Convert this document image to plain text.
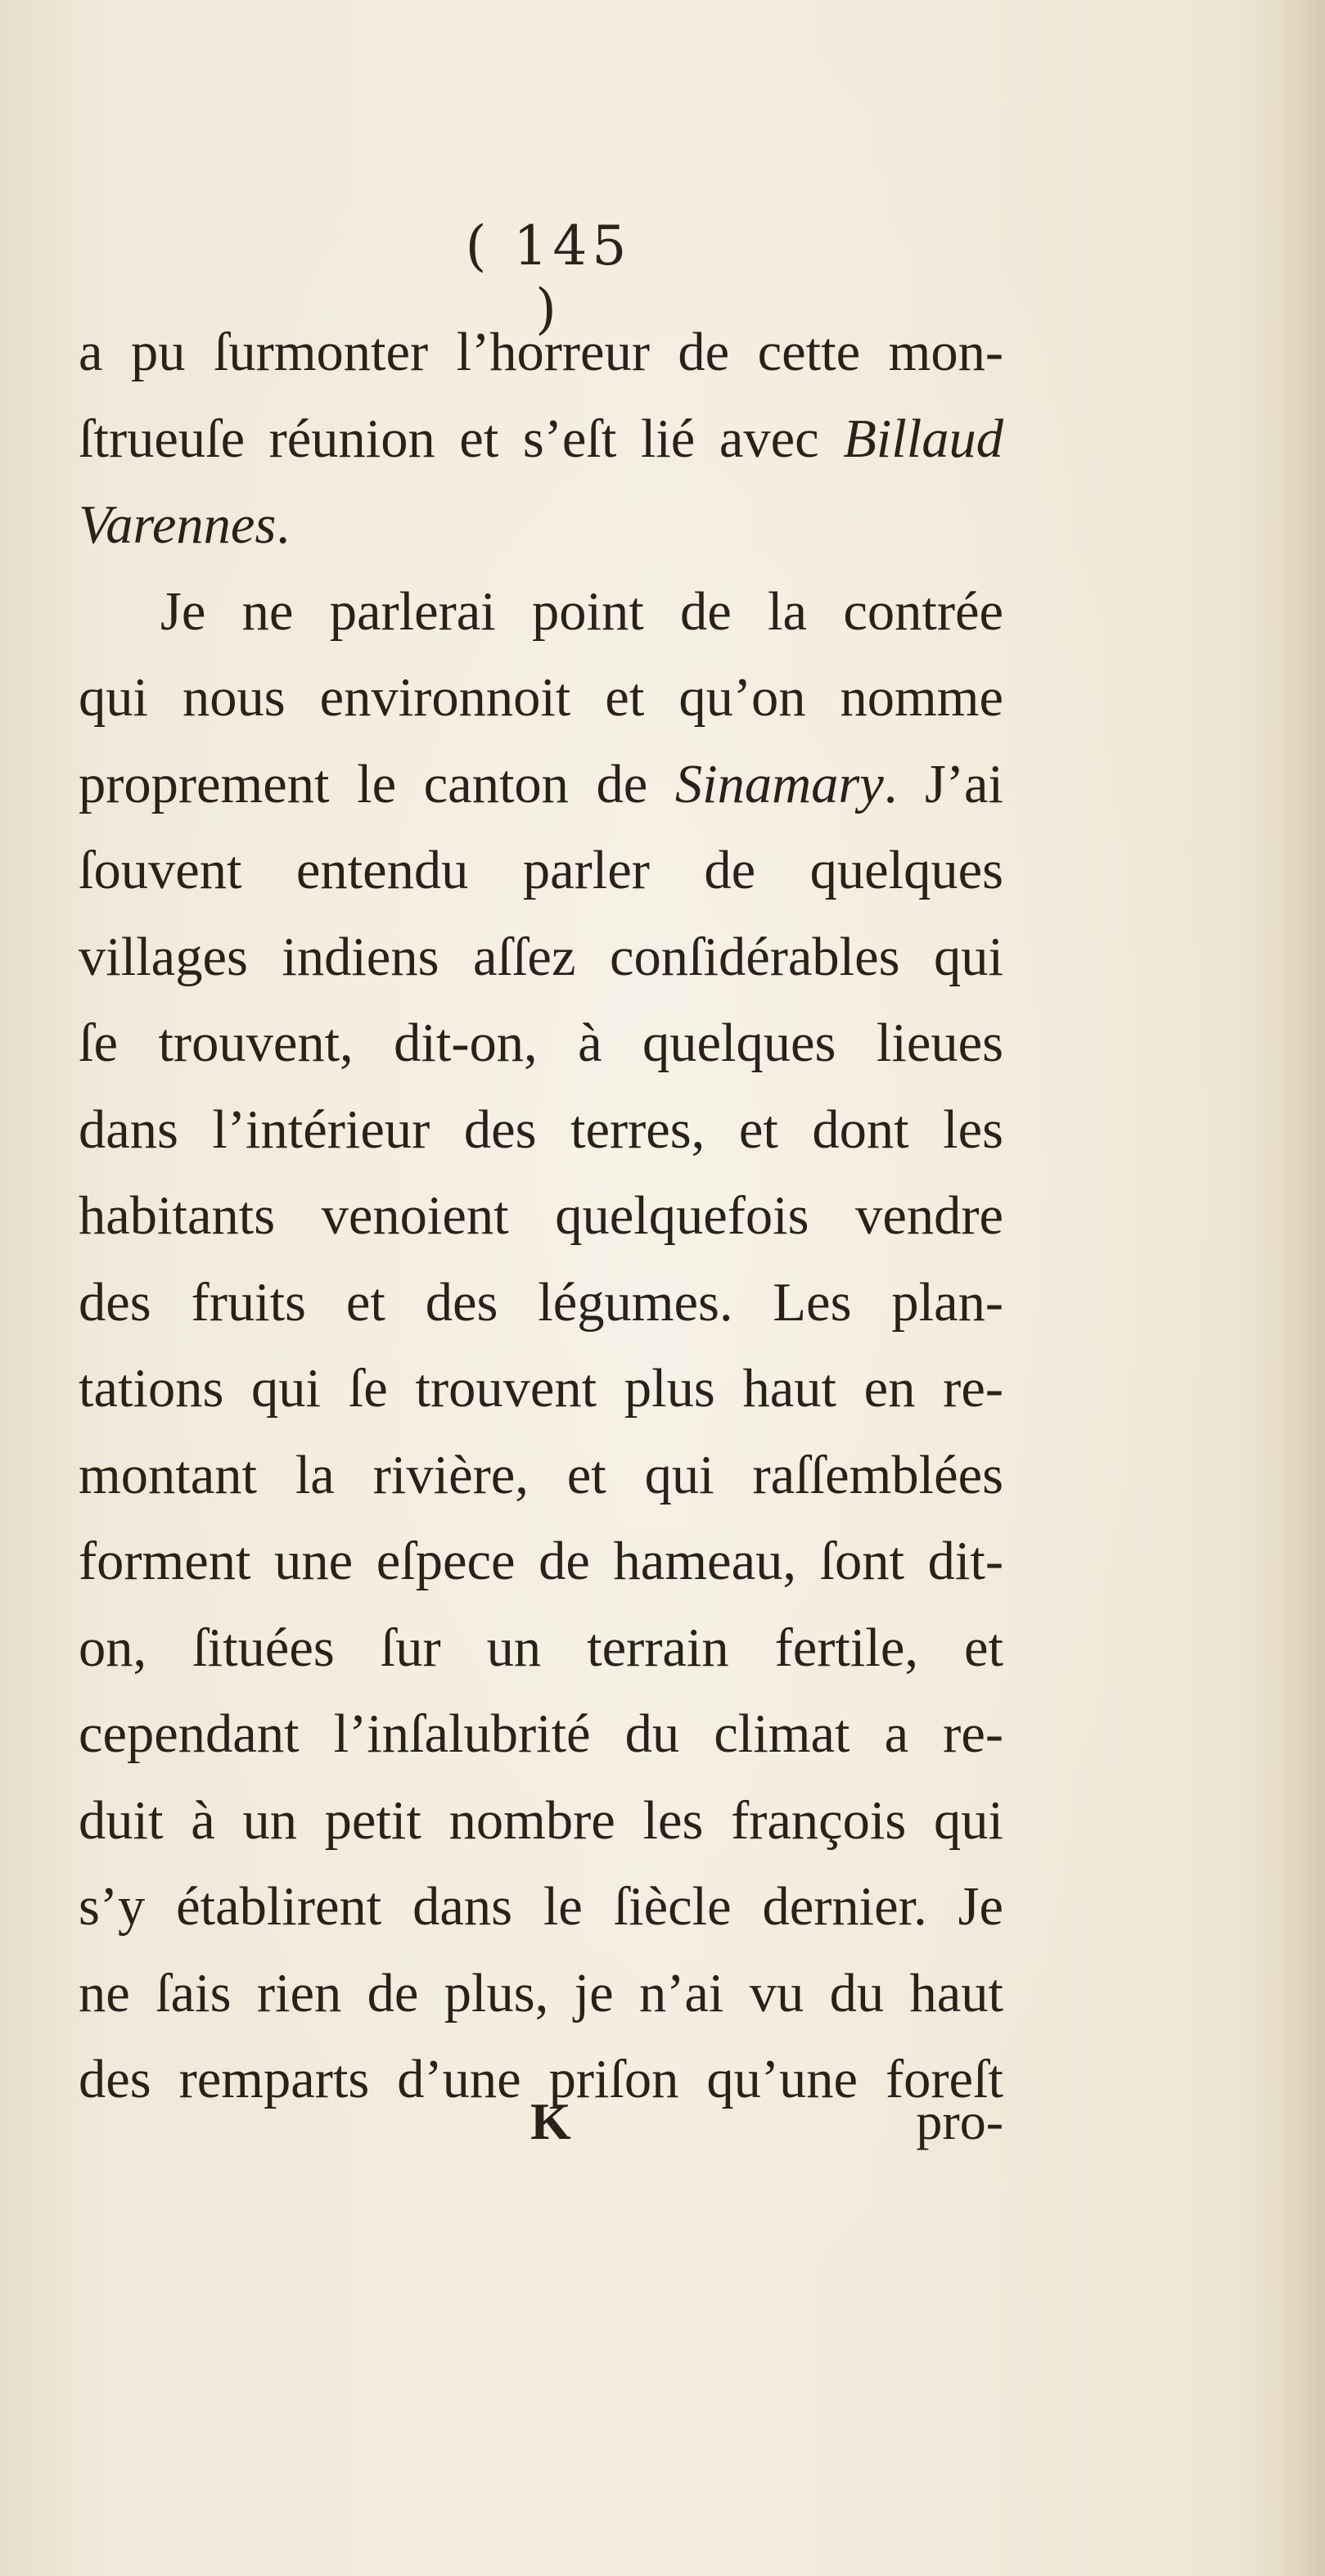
( 145 )
a pu ſurmonter l’horreur de cette mon-
ſtrueuſe réunion et s’eſt lié avec Billaud
Varennes.
Je ne parlerai point de la contrée
qui nous environnoit et qu’on nomme
proprement le canton de Sinamary. J’ai
ſouvent entendu parler de quelques
villages indiens aſſez conſidérables qui
ſe trouvent, dit-on, à quelques lieues
dans l’intérieur des terres, et dont les
habitants venoient quelquefois vendre
des fruits et des légumes. Les plan-
tations qui ſe trouvent plus haut en re-
montant la rivière, et qui raſſemblées
forment une eſpece de hameau, ſont dit-
on, ſituées ſur un terrain fertile, et
cependant l’inſalubrité du climat a re-
duit à un petit nombre les françois qui
s’y établirent dans le ſiècle dernier. Je
ne ſais rien de plus, je n’ai vu du haut
des remparts d’une priſon qu’une foreſt
K	pro-
